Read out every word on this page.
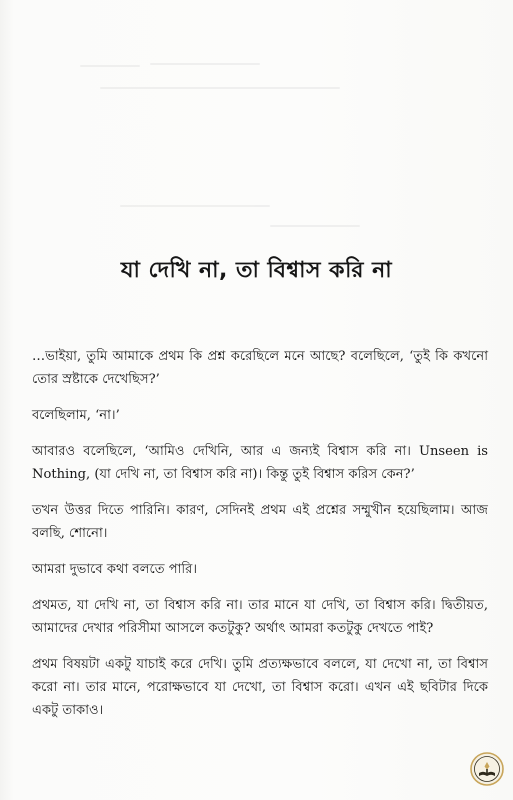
যা দেখি না, তা বিশ্বাস করি না

…ভাইয়া, তুমি আমাকে প্রথম কি প্রশ্ন করেছিলে মনে আছে? বলেছিলে, ‘তুই কি কখনো তোর স্রষ্টাকে দেখেছিস?’

বলেছিলাম, ‘না।’

আবারও বলেছিলে, ‘আমিও দেখিনি, আর এ জন্যই বিশ্বাস করি না। Unseen is Nothing, (যা দেখি না, তা বিশ্বাস করি না)। কিন্তু তুই বিশ্বাস করিস কেন?’

তখন উত্তর দিতে পারিনি। কারণ, সেদিনই প্রথম এই প্রশ্নের সম্মুখীন হয়েছিলাম। আজ বলছি, শোনো।

আমরা দুভাবে কথা বলতে পারি।

প্রথমত, যা দেখি না, তা বিশ্বাস করি না। তার মানে যা দেখি, তা বিশ্বাস করি। দ্বিতীয়ত, আমাদের দেখার পরিসীমা আসলে কতটুকু? অর্থাৎ আমরা কতটুকু দেখতে পাই?

প্রথম বিষয়টা একটু যাচাই করে দেখি। তুমি প্রত্যক্ষভাবে বললে, যা দেখো না, তা বিশ্বাস করো না। তার মানে, পরোক্ষভাবে যা দেখো, তা বিশ্বাস করো। এখন এই ছবিটার দিকে একটু তাকাও।
